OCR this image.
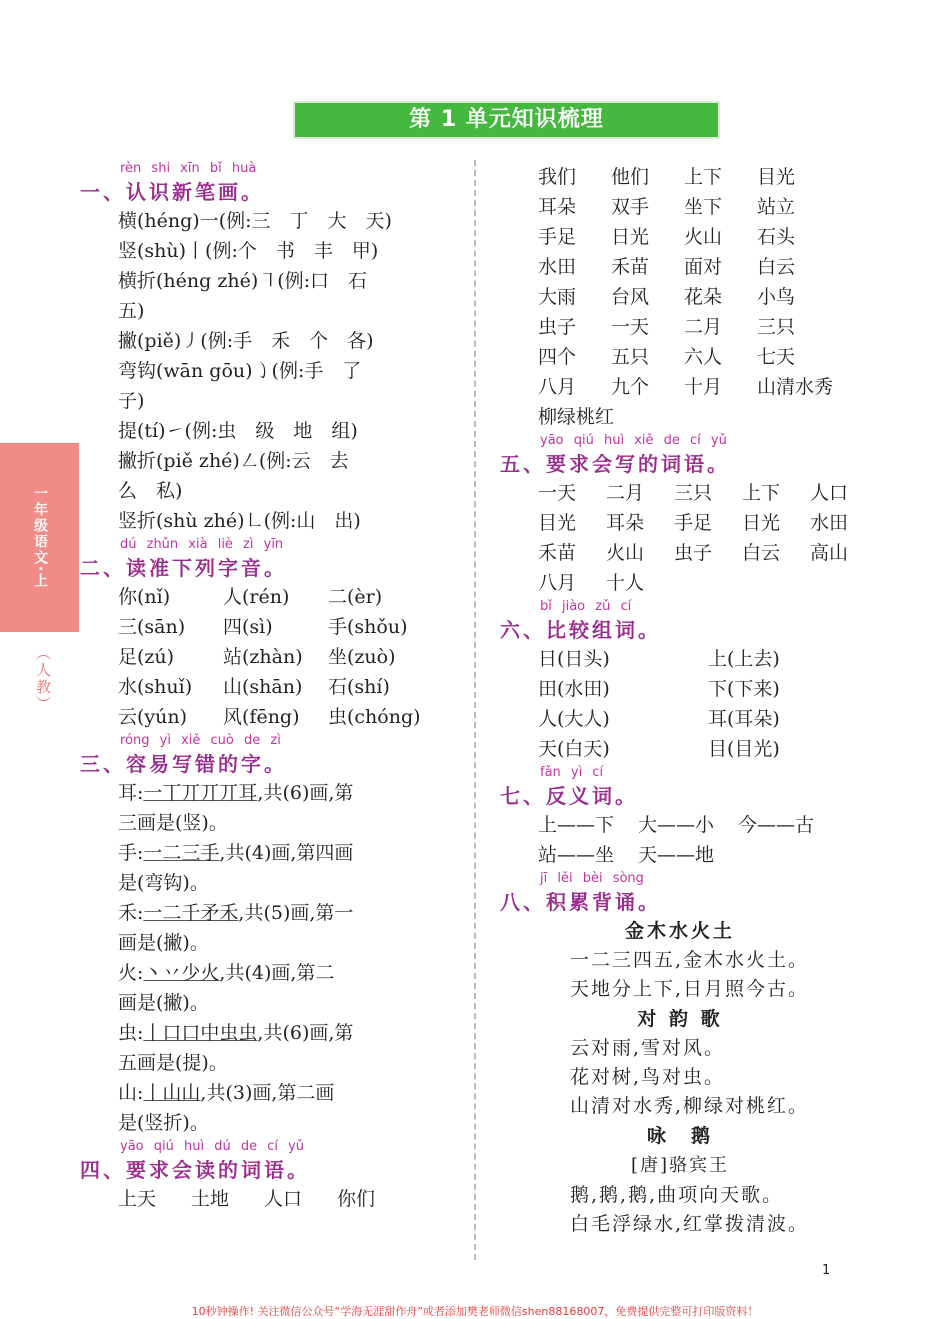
第 1 单元知识梳理
一年级语文·上
（人教）
rèn shi xīn bǐ huà
一、认识新笔画。
横(héng)一(例:三　丁　大　天)
竖(shù)丨(例:个　书　丰　甲)
横折(héng zhé)㇕(例:口　石
五)
撇(piě)㇓(例:手　禾　个　各)
弯钩(wān gōu)㇁(例:手　了
子)
提(tí)㇀(例:虫　级　地　组)
撇折(piě zhé)㇜(例:云　去
么　私)
竖折(shù zhé)㇗(例:山　出)
dú zhǔn xià liè zì yīn
二、读准下列字音。
你(nǐ)	人(rén) 二(èr)
三(sān) 四(sì)	手(shǒu)
足(zú)	站(zhàn) 坐(zuò)
水(shuǐ) 山(shān) 石(shí)
云(yún) 风(fēng) 虫(chóng)
róng yì xiě cuò de zì
三、容易写错的字。
耳:一丅丌丌丌耳,共(6)画,第
三画是(竖)。
手:一二三手,共(4)画,第四画
是(弯钩)。
禾:一二千矛禾,共(5)画,第一
画是(撇)。
火:丶丷少火,共(4)画,第二
画是(撇)。
虫:丨口口中虫虫,共(6)画,第
五画是(提)。
山:丨山山,共(3)画,第二画
是(竖折)。
yāo qiú huì dú de cí yǔ
四、要求会读的词语。
上天 土地 人口 你们
我们 他们 上下 目光
耳朵 双手 坐下 站立
手足 日光 火山 石头
水田 禾苗 面对 白云
大雨 台风 花朵 小鸟
虫子 一天 二月 三只
四个 五只 六人 七天
八月 九个 十月 山清水秀
柳绿桃红
yāo qiú huì xiě de cí yǔ
五、要求会写的词语。
一天 二月 三只 上下 人口
目光 耳朵 手足 日光 水田
禾苗 火山 虫子 白云 高山
八月 十人
bǐ jiào zǔ cí
六、比较组词。
日(日头)	上(上去)
田(水田)	下(下来)
人(大人)	耳(耳朵)
天(白天)	目(目光)
fǎn yì cí
七、反义词。
上——下 大——小 今——古
站——坐 天——地
jī lěi bèi sòng
八、积累背诵。
金木水火土
一二三四五,金木水火土。
天地分上下,日月照今古。
对 韵 歌
云对雨,雪对风。
花对树,鸟对虫。
山清对水秀,柳绿对桃红。
咏　鹅
[唐]骆宾王
鹅,鹅,鹅,曲项向天歌。
白毛浮绿水,红掌拨清波。
1
10秒钟操作! 关注微信公众号“学海无涯甜作舟”或者添加樊老师微信shen88168007，免费提供完整可打印版资料！
